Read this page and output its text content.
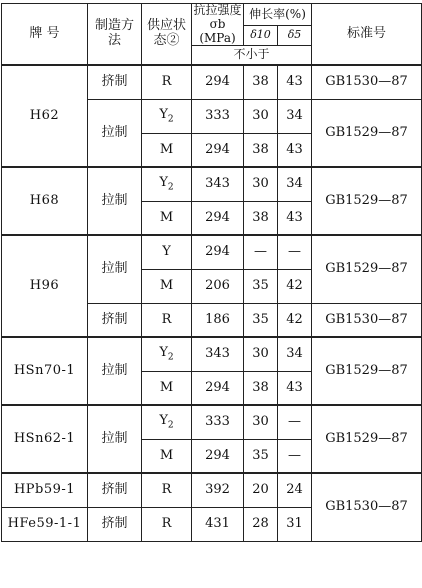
牌 号	制造方法	供应状态②	抗拉强度σb (MPa)	伸长率(%)		标准号
				δ10	δ5	
			不小于			
H62	挤制	R	294	38	43	GB1530—87
	拉制	$Y_2$	333	30	34	GB1529—87
		M	294	38	43	
H68	拉制	$Y_2$	343	30	34	GB1529—87
		M	294	38	43	
H96	拉制	Y	294	—	—	GB1529—87
		M	206	35	42	
	挤制	R	186	35	42	GB1530—87
HSn70-1	拉制	$Y_2$	343	30	34	GB1529—87
		M	294	38	43	
HSn62-1	拉制	$Y_2$	333	30	—	GB1529—87
		M	294	35	—	
HPb59-1	挤制	R	392	20	24	GB1530—87
HFe59-1-1	挤制	R	431	28	31	
